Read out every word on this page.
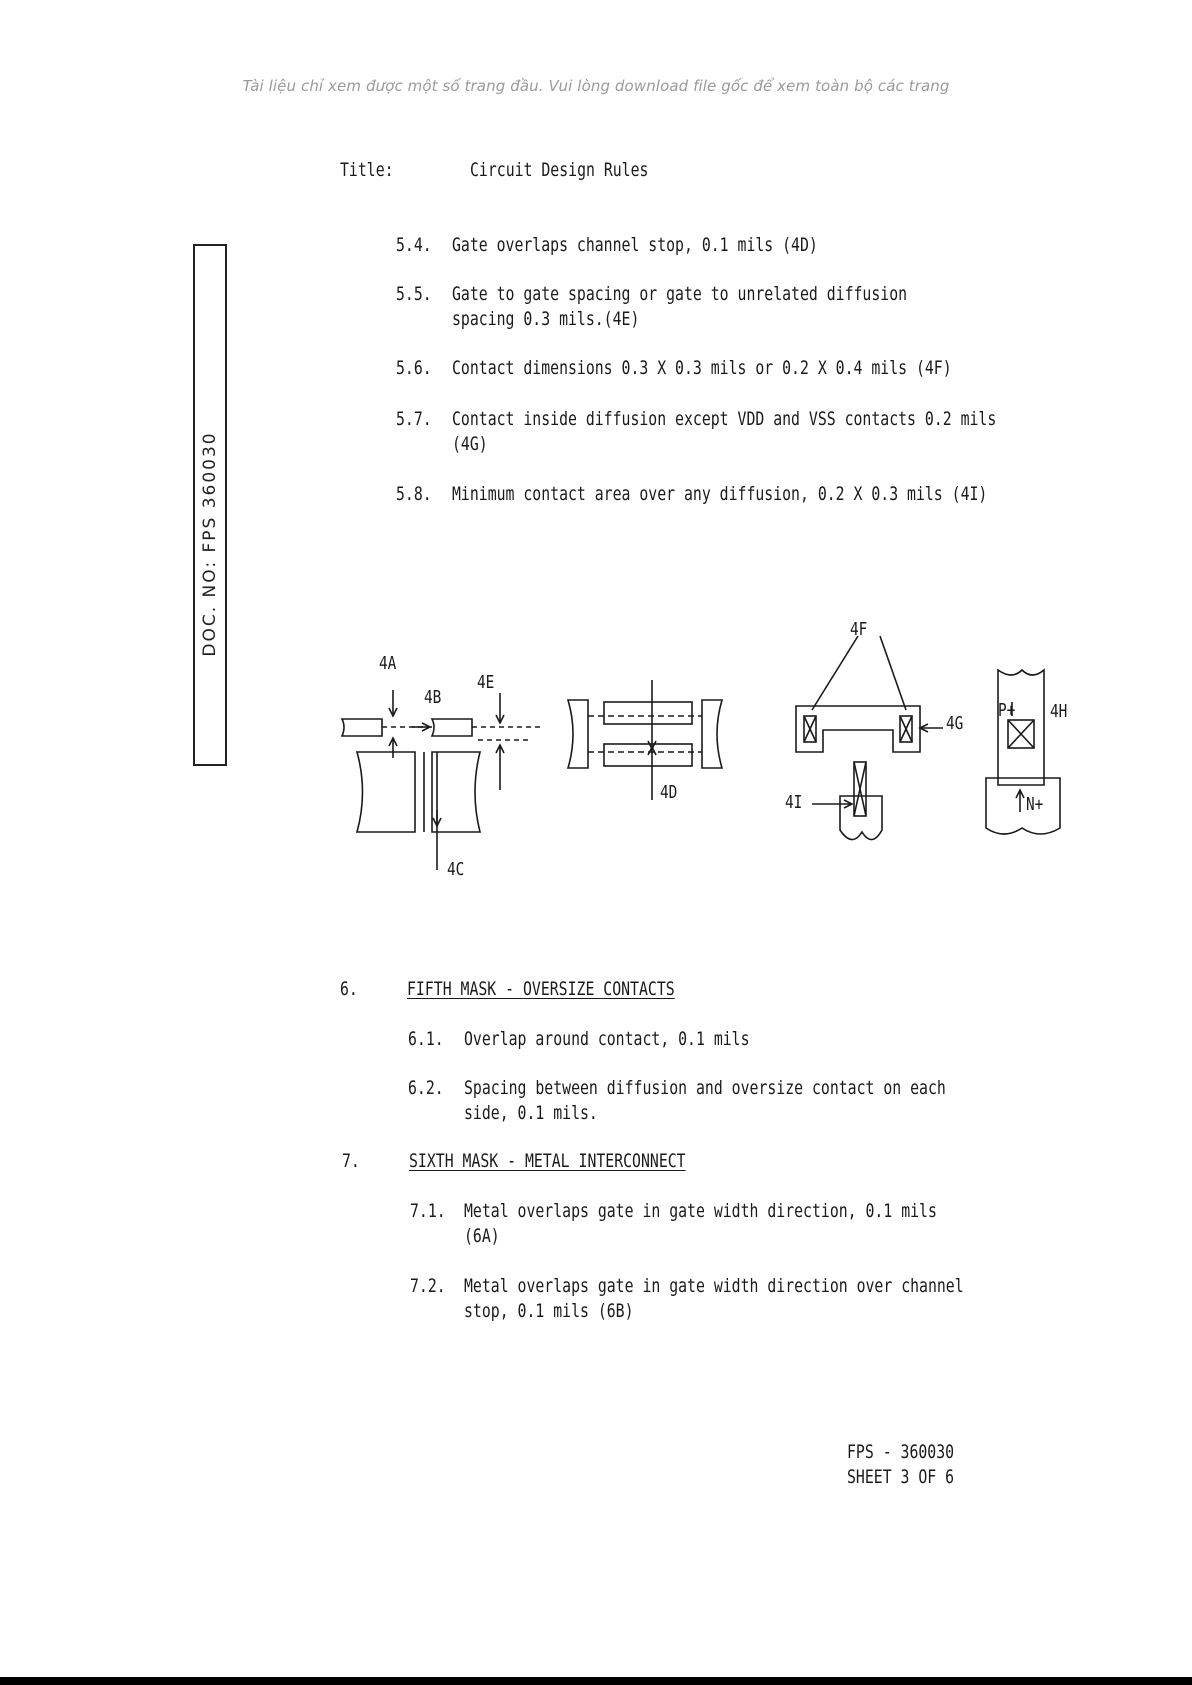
Tài liệu chỉ xem được một số trang đầu. Vui lòng download file gốc để xem toàn bộ các trang
DOC. NO: FPS 360030
Title:	Circuit Design Rules
5.4. Gate overlaps channel stop, 0.1 mils (4D)
5.5. Gate to gate spacing or gate to unrelated diffusion
spacing 0.3 mils.(4E)
5.6. Contact dimensions 0.3 X 0.3 mils or 0.2 X 0.4 mils (4F)
5.7. Contact inside diffusion except VDD and VSS contacts 0.2 mils
(4G)
5.8. Minimum contact area over any diffusion, 0.2 X 0.3 mils (4I)
4A
4B
4E
4C
4D
4F
4G
4I
4H
P+
N+
6.	FIFTH MASK - OVERSIZE CONTACTS
6.1. Overlap around contact, 0.1 mils
6.2. Spacing between diffusion and oversize contact on each
side, 0.1 mils.
7.	SIXTH MASK - METAL INTERCONNECT
7.1. Metal overlaps gate in gate width direction, 0.1 mils
(6A)
7.2. Metal overlaps gate in gate width direction over channel
stop, 0.1 mils (6B)
FPS - 360030
SHEET 3 OF 6
